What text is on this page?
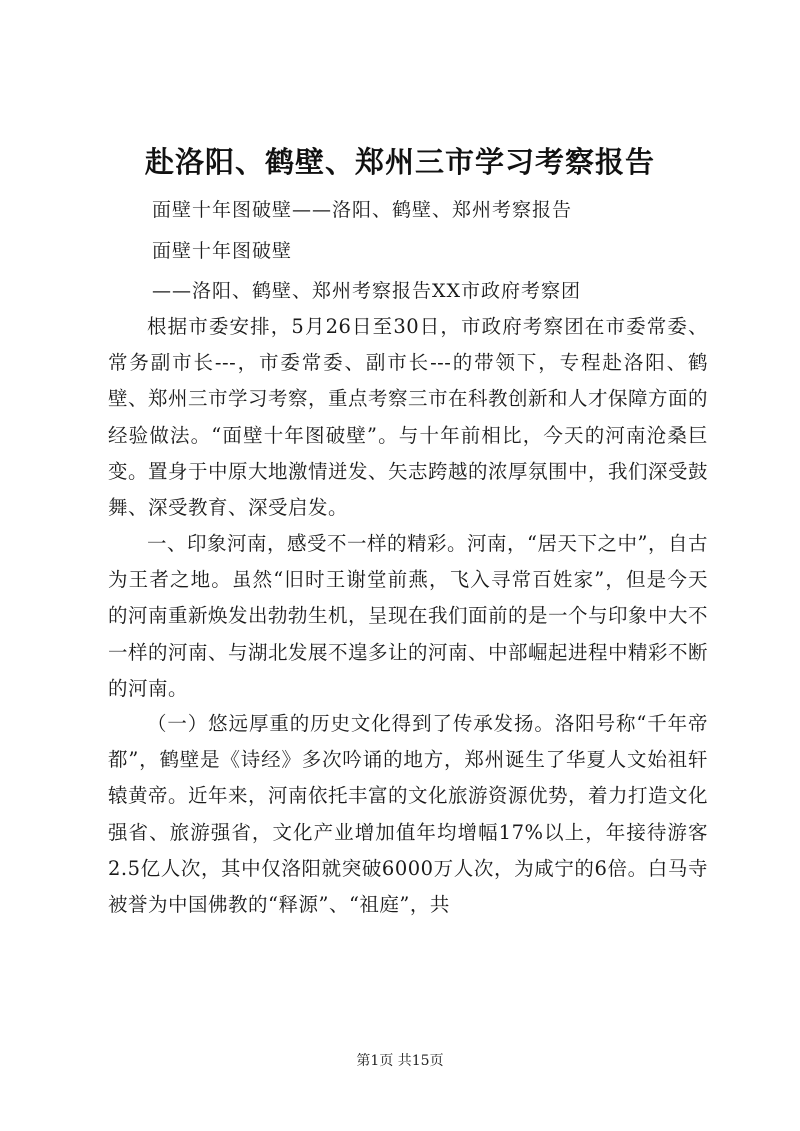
赴洛阳、鹤壁、郑州三市学习考察报告
面壁十年图破壁——洛阳、鹤壁、郑州考察报告
面壁十年图破壁
——洛阳、鹤壁、郑州考察报告XX市政府考察团

根据市委安排，5月26日至30日，市政府考察团在市委常委、常务副市长---，市委常委、副市长---的带领下，专程赴洛阳、鹤壁、郑州三市学习考察，重点考察三市在科教创新和人才保障方面的经验做法。“面壁十年图破壁”。与十年前相比，今天的河南沧桑巨变。置身于中原大地激情迸发、矢志跨越的浓厚氛围中，我们深受鼓舞、深受教育、深受启发。

一、印象河南，感受不一样的精彩。河南，“居天下之中”，自古为王者之地。虽然“旧时王谢堂前燕，飞入寻常百姓家”，但是今天的河南重新焕发出勃勃生机，呈现在我们面前的是一个与印象中大不一样的河南、与湖北发展不遑多让的河南、中部崛起进程中精彩不断的河南。

（一）悠远厚重的历史文化得到了传承发扬。洛阳号称“千年帝都”，鹤壁是《诗经》多次吟诵的地方，郑州诞生了华夏人文始祖轩辕黄帝。近年来，河南依托丰富的文化旅游资源优势，着力打造文化强省、旅游强省，文化产业增加值年均增幅17%以上，年接待游客2.5亿人次，其中仅洛阳就突破6000万人次，为咸宁的6倍。白马寺被誉为中国佛教的“释源”、“祖庭”，共

第1页 共15页
